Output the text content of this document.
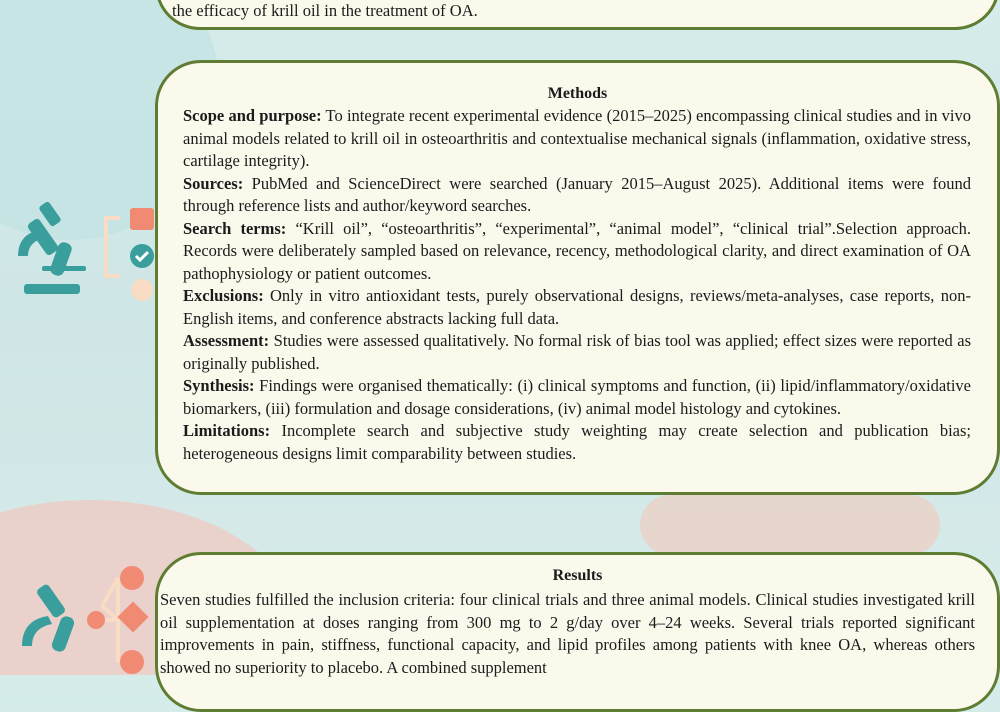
the efficacy of krill oil in the treatment of OA.
Methods

Scope and purpose: To integrate recent experimental evidence (2015–2025) encompassing clinical studies and in vivo animal models related to krill oil in osteoarthritis and contextualise mechanical signals (inflammation, oxidative stress, cartilage integrity).

Sources: PubMed and ScienceDirect were searched (January 2015–August 2025). Additional items were found through reference lists and author/keyword searches.

Search terms: “Krill oil”, “osteoarthritis”, “experimental”, “animal model”, “clinical trial”.Selection approach. Records were deliberately sampled based on relevance, recency, methodological clarity, and direct examination of OA pathophysiology or patient outcomes.

Exclusions: Only in vitro antioxidant tests, purely observational designs, reviews/meta-analyses, case reports, non-English items, and conference abstracts lacking full data.

Assessment: Studies were assessed qualitatively. No formal risk of bias tool was applied; effect sizes were reported as originally published.

Synthesis: Findings were organised thematically: (i) clinical symptoms and function, (ii) lipid/inflammatory/oxidative biomarkers, (iii) formulation and dosage considerations, (iv) animal model histology and cytokines.

Limitations: Incomplete search and subjective study weighting may create selection and publication bias; heterogeneous designs limit comparability between studies.

Results
Seven studies fulfilled the inclusion criteria: four clinical trials and three animal models. Clinical studies investigated krill oil supplementation at doses ranging from 300 mg to 2 g/day over 4–24 weeks. Several trials reported significant improvements in pain, stiffness, functional capacity, and lipid profiles among patients with knee OA, whereas others showed no superiority to placebo. A combined supplement
